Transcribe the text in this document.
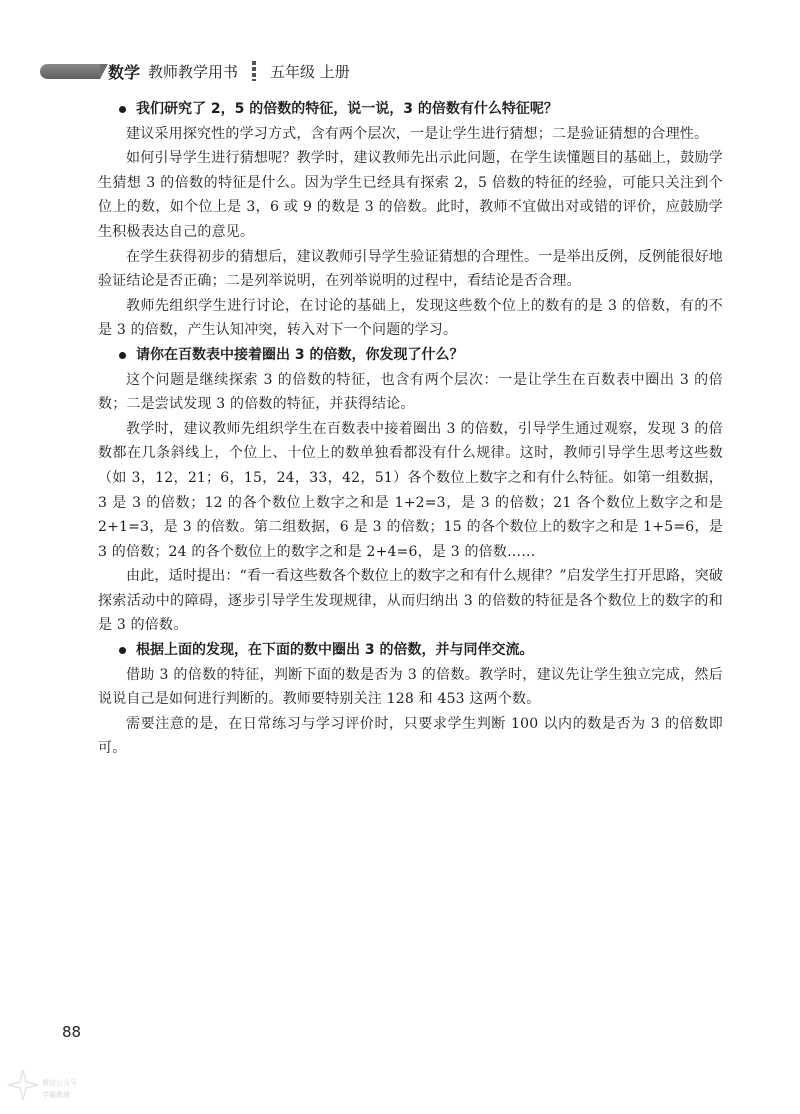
数学 教师教学用书 五年级 上册

我们研究了 2，5 的倍数的特征，说一说，3 的倍数有什么特征呢？

建议采用探究性的学习方式，含有两个层次，一是让学生进行猜想；二是验证猜想的合理性。

如何引导学生进行猜想呢？教学时，建议教师先出示此问题，在学生读懂题目的基础上，鼓励学生猜想 3 的倍数的特征是什么。因为学生已经具有探索 2，5 倍数的特征的经验，可能只关注到个位上的数，如个位上是 3，6 或 9 的数是 3 的倍数。此时，教师不宜做出对或错的评价，应鼓励学生积极表达自己的意见。

在学生获得初步的猜想后，建议教师引导学生验证猜想的合理性。一是举出反例，反例能很好地验证结论是否正确；二是列举说明，在列举说明的过程中，看结论是否合理。

教师先组织学生进行讨论，在讨论的基础上，发现这些数个位上的数有的是 3 的倍数，有的不是 3 的倍数，产生认知冲突，转入对下一个问题的学习。

请你在百数表中接着圈出 3 的倍数，你发现了什么？

这个问题是继续探索 3 的倍数的特征，也含有两个层次：一是让学生在百数表中圈出 3 的倍数；二是尝试发现 3 的倍数的特征，并获得结论。

教学时，建议教师先组织学生在百数表中接着圈出 3 的倍数，引导学生通过观察，发现 3 的倍数都在几条斜线上，个位上、十位上的数单独看都没有什么规律。这时，教师引导学生思考这些数（如 3，12，21；6，15，24，33，42，51）各个数位上数字之和有什么特征。如第一组数据，3 是 3 的倍数；12 的各个数位上数字之和是 1+2=3，是 3 的倍数；21 各个数位上数字之和是 2+1=3，是 3 的倍数。第二组数据，6 是 3 的倍数；15 的各个数位上的数字之和是 1+5=6，是 3 的倍数；24 的各个数位上的数字之和是 2+4=6，是 3 的倍数……

由此，适时提出：“看一看这些数各个数位上的数字之和有什么规律？”启发学生打开思路，突破探索活动中的障碍，逐步引导学生发现规律，从而归纳出 3 的倍数的特征是各个数位上的数字的和是 3 的倍数。

根据上面的发现，在下面的数中圈出 3 的倍数，并与同伴交流。

借助 3 的倍数的特征，判断下面的数是否为 3 的倍数。教学时，建议先让学生独立完成，然后说说自己是如何进行判断的。教师要特别关注 128 和 453 这两个数。

需要注意的是，在日常练习与学习评价时，只要求学生判断 100 以内的数是否为 3 的倍数即可。

88
微信公众号
学霸教辅
